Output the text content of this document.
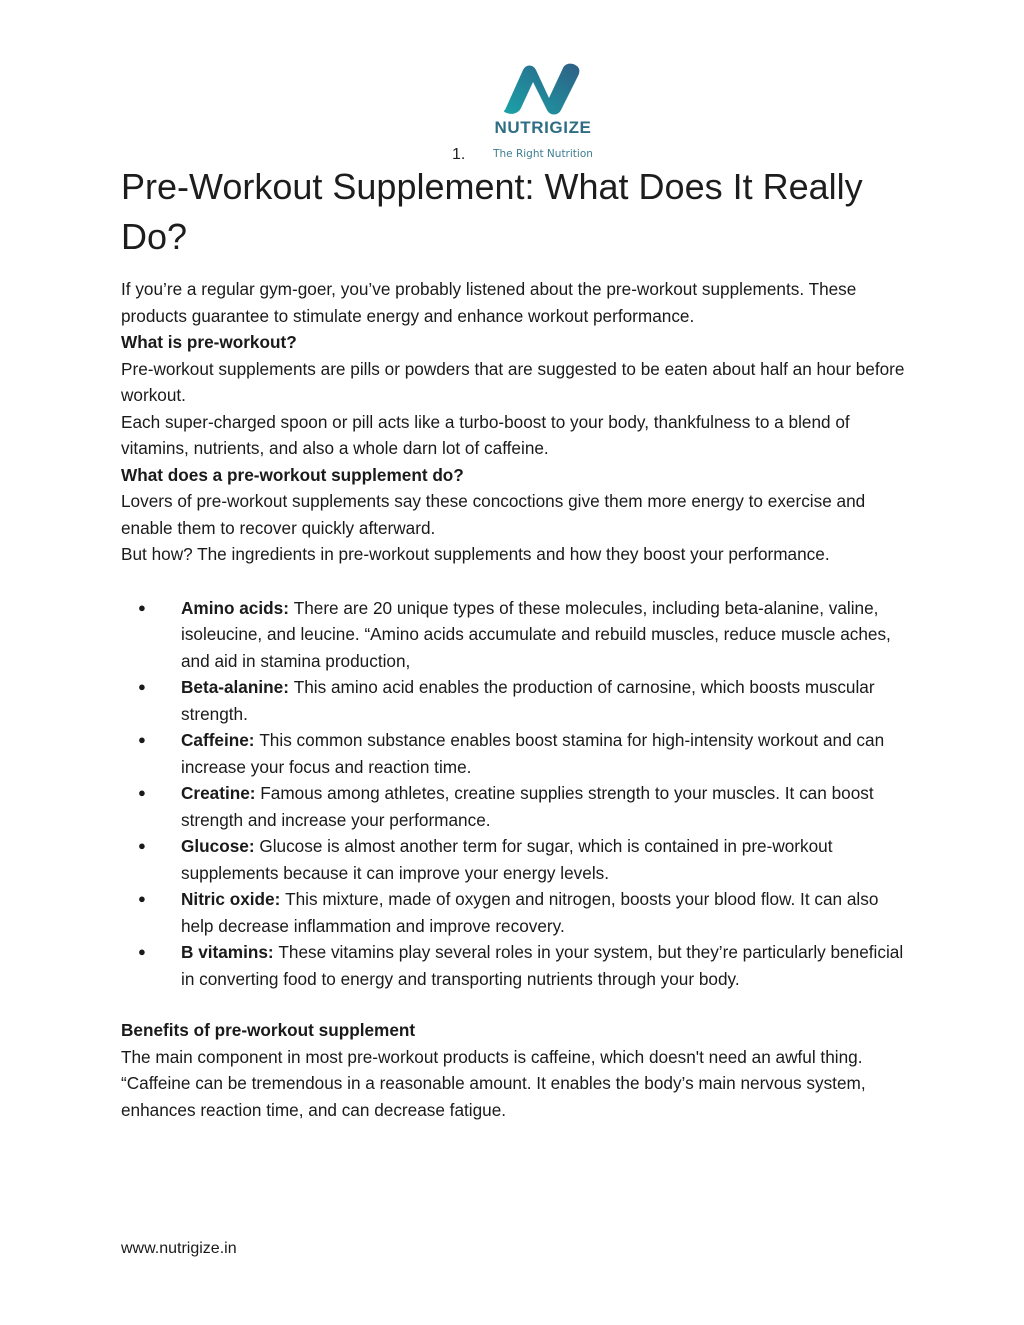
NUTRIGIZE
The Right Nutrition
1.
Pre-Workout Supplement: What Does It Really Do?

If you’re a regular gym-goer, you’ve probably listened about the pre-workout supplements. These products guarantee to stimulate energy and enhance workout performance.

What is pre-workout?

Pre-workout supplements are pills or powders that are suggested to be eaten about half an hour before workout.

Each super-charged spoon or pill acts like a turbo-boost to your body, thankfulness to a blend of vitamins, nutrients, and also a whole darn lot of caffeine.

What does a pre-workout supplement do?

Lovers of pre-workout supplements say these concoctions give them more energy to exercise and enable them to recover quickly afterward.

But how? The ingredients in pre-workout supplements and how they boost your performance.

● Amino acids: There are 20 unique types of these molecules, including beta-alanine, valine, isoleucine, and leucine. “Amino acids accumulate and rebuild muscles, reduce muscle aches, and aid in stamina production,
● Beta-alanine: This amino acid enables the production of carnosine, which boosts muscular strength.
● Caffeine: This common substance enables boost stamina for high-intensity workout and can increase your focus and reaction time.
● Creatine: Famous among athletes, creatine supplies strength to your muscles. It can boost strength and increase your performance.
● Glucose: Glucose is almost another term for sugar, which is contained in pre-workout supplements because it can improve your energy levels.
● Nitric oxide: This mixture, made of oxygen and nitrogen, boosts your blood flow. It can also help decrease inflammation and improve recovery.
● B vitamins: These vitamins play several roles in your system, but they’re particularly beneficial in converting food to energy and transporting nutrients through your body.

Benefits of pre-workout supplement

The main component in most pre-workout products is caffeine, which doesn't need an awful thing. “Caffeine can be tremendous in a reasonable amount. It enables the body’s main nervous system, enhances reaction time, and can decrease fatigue.

www.nutrigize.in
